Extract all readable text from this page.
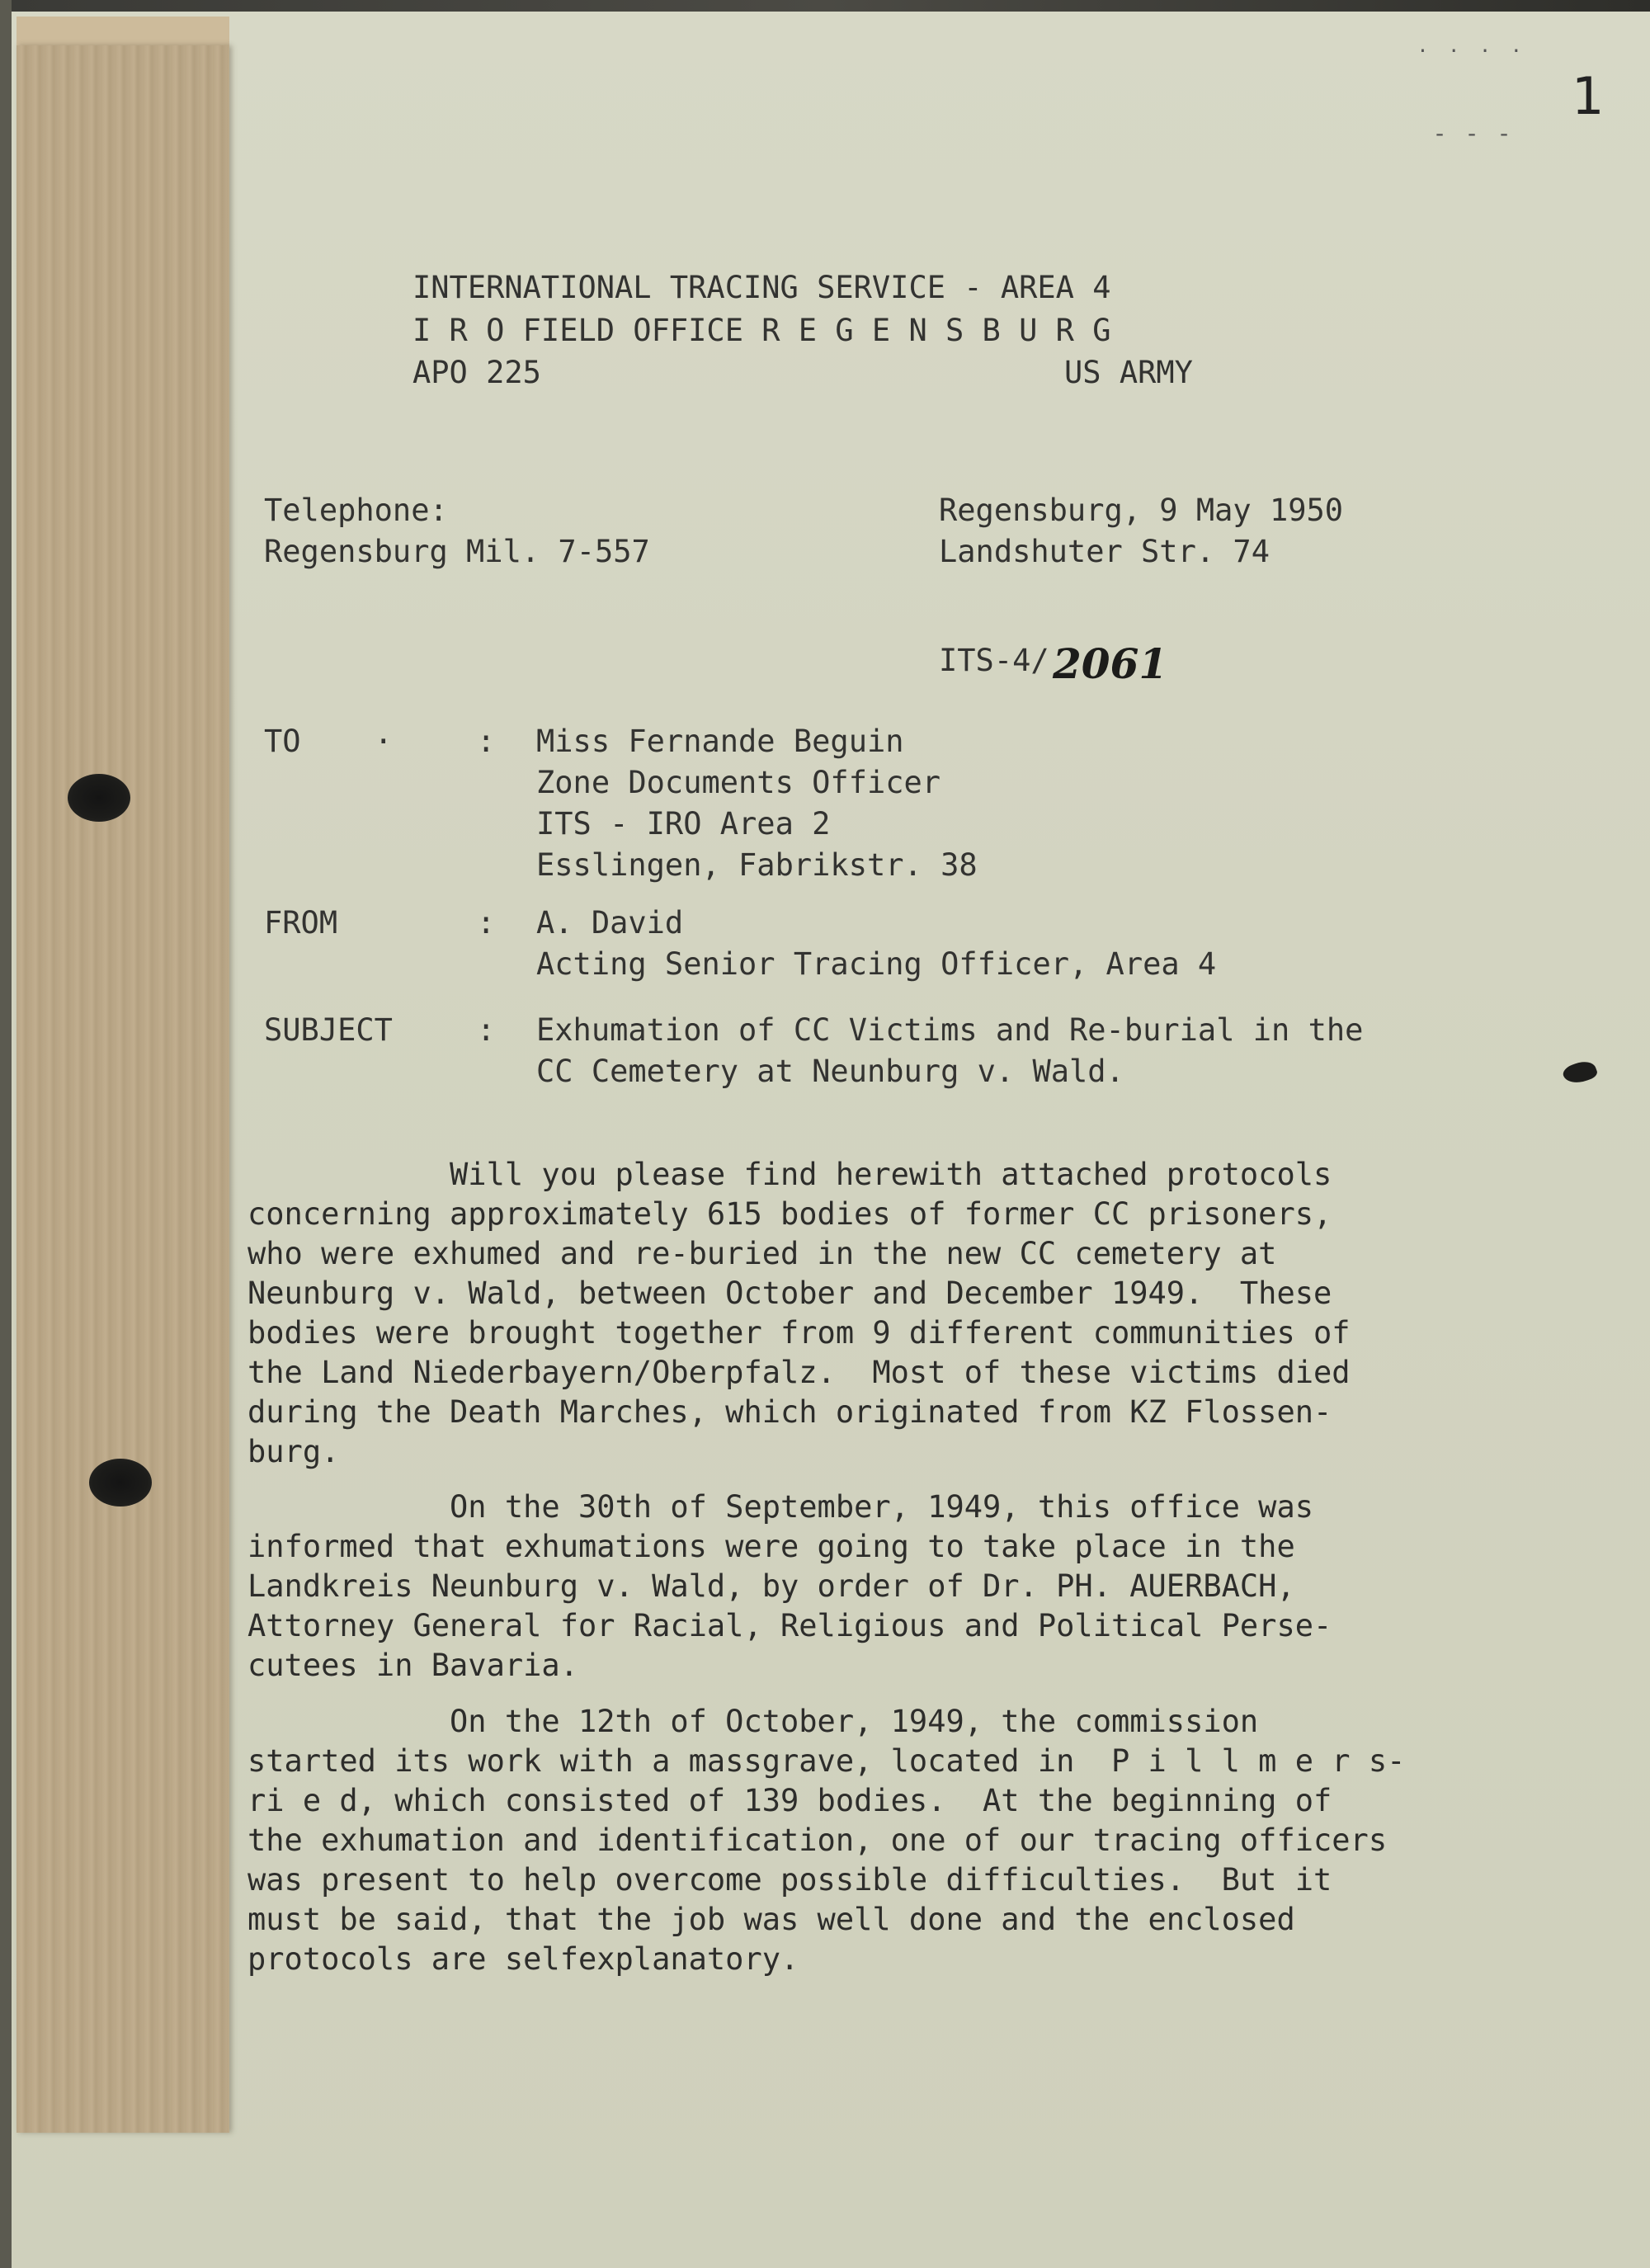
· · · ·
- - -
1
INTERNATIONAL TRACING SERVICE - AREA 4
I R O FIELD OFFICE R E G E N S B U R G
APO 225	US ARMY
Telephone:
Regensburg Mil. 7-557
Regensburg, 9 May 1950
Landshuter Str. 74
ITS-4/ 2061
TO    ·	: Miss Fernande Beguin
Zone Documents Officer
ITS - IRO Area 2
Esslingen, Fabrikstr. 38
FROM	: A. David
Acting Senior Tracing Officer, Area 4
SUBJECT	: Exhumation of CC Victims and Re-burial in the
CC Cemetery at Neunburg v. Wald.
Will you please find herewith attached protocols
concerning approximately 615 bodies of former CC prisoners,
who were exhumed and re-buried in the new CC cemetery at
Neunburg v. Wald, between October and December 1949.  These
bodies were brought together from 9 different communities of
the Land Niederbayern/Oberpfalz.  Most of these victims died
during the Death Marches, which originated from KZ Flossen-
burg.
On the 30th of September, 1949, this office was
informed that exhumations were going to take place in the
Landkreis Neunburg v. Wald, by order of Dr. PH. AUERBACH,
Attorney General for Racial, Religious and Political Perse-
cutees in Bavaria.
On the 12th of October, 1949, the commission
started its work with a massgrave, located in  P i l l m e r s-
ri e d, which consisted of 139 bodies.  At the beginning of
the exhumation and identification, one of our tracing officers
was present to help overcome possible difficulties.  But it
must be said, that the job was well done and the enclosed
protocols are selfexplanatory.
